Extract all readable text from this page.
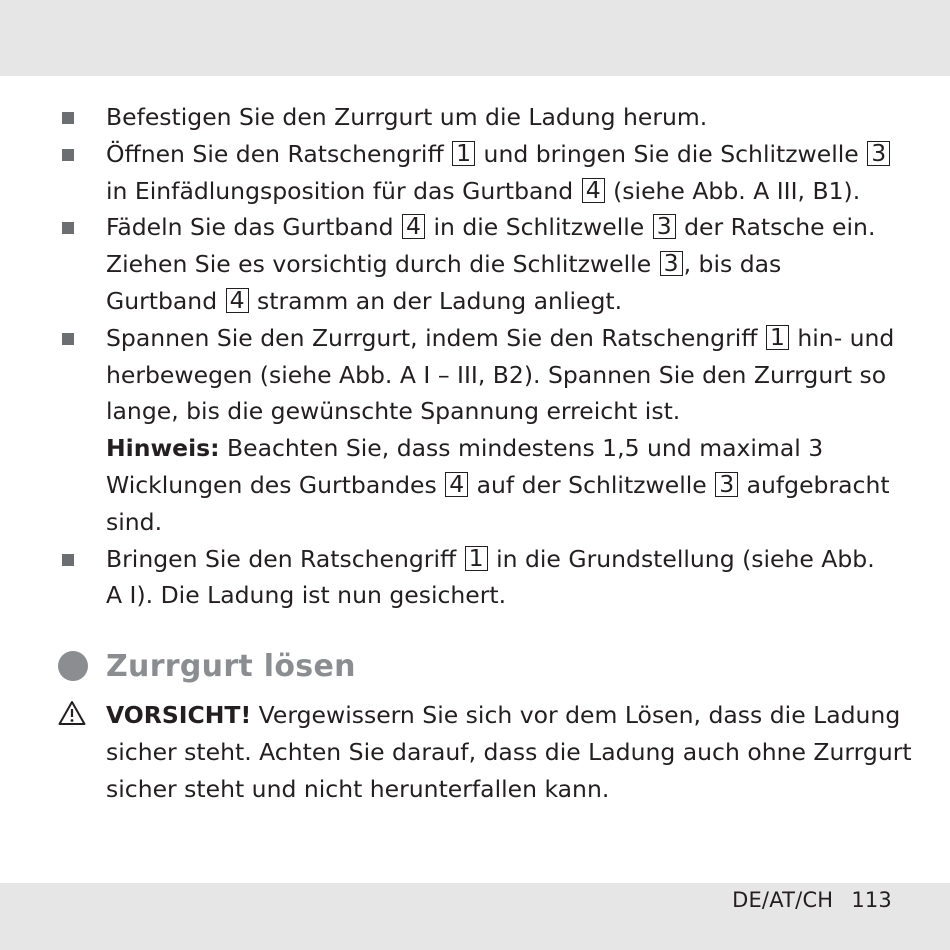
Befestigen Sie den Zurrgurt um die Ladung herum.
Öffnen Sie den Ratschengriff 1 und bringen Sie die Schlitzwelle 3 in Einfädlungsposition für das Gurtband 4 (siehe Abb. A III, B1).
Fädeln Sie das Gurtband 4 in die Schlitzwelle 3 der Ratsche ein. Ziehen Sie es vorsichtig durch die Schlitzwelle 3 , bis das Gurtband 4 stramm an der Ladung anliegt.
Spannen Sie den Zurrgurt, indem Sie den Ratschengriff 1 hin- und herbewegen (siehe Abb. A I – III, B2). Spannen Sie den Zurrgurt so lange, bis die gewünschte Spannung erreicht ist.
Hinweis: Beachten Sie, dass mindestens 1,5 und maximal 3 Wicklungen des Gurtbandes 4 auf der Schlitzwelle 3 aufgebracht sind.
Bringen Sie den Ratschengriff 1 in die Grundstellung (siehe Abb. A I). Die Ladung ist nun gesichert.
Zurrgurt lösen

VORSICHT! Vergewissern Sie sich vor dem Lösen, dass die Ladung sicher steht. Achten Sie darauf, dass die Ladung auch ohne Zurrgurt sicher steht und nicht herunterfallen kann.

DE/AT/CH 113
